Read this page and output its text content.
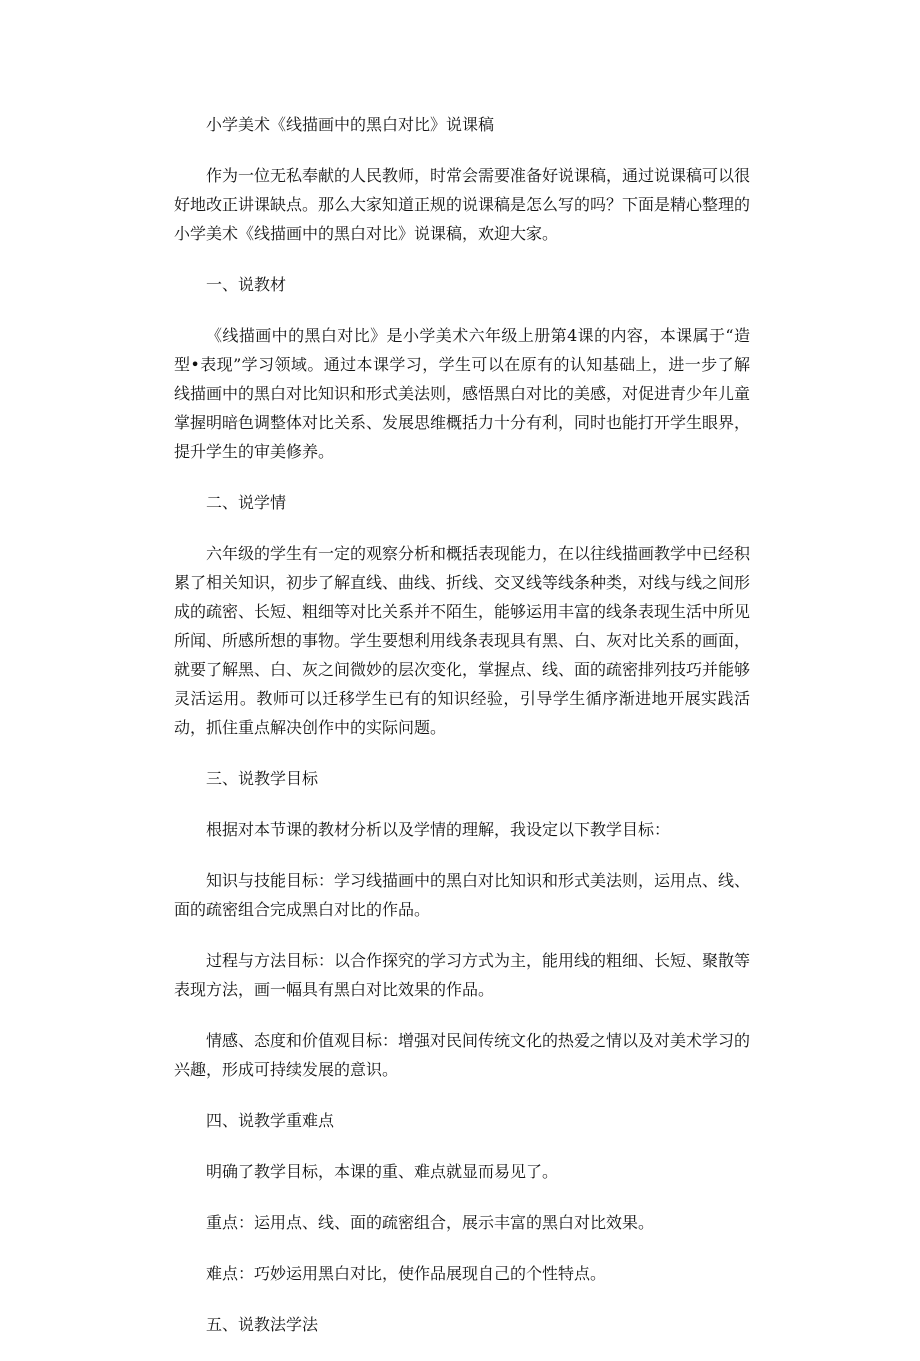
小学美术《线描画中的黑白对比》说课稿
作为一位无私奉献的人民教师，时常会需要准备好说课稿，通过说课稿可以很好地改正讲课缺点。那么大家知道正规的说课稿是怎么写的吗？下面是精心整理的小学美术《线描画中的黑白对比》说课稿，欢迎大家。
一、说教材
《线描画中的黑白对比》是小学美术六年级上册第4课的内容，本课属于“造型•表现”学习领域。通过本课学习，学生可以在原有的认知基础上，进一步了解线描画中的黑白对比知识和形式美法则，感悟黑白对比的美感，对促进青少年儿童掌握明暗色调整体对比关系、发展思维概括力十分有利，同时也能打开学生眼界，提升学生的审美修养。
二、说学情
六年级的学生有一定的观察分析和概括表现能力，在以往线描画教学中已经积累了相关知识，初步了解直线、曲线、折线、交叉线等线条种类，对线与线之间形成的疏密、长短、粗细等对比关系并不陌生，能够运用丰富的线条表现生活中所见所闻、所感所想的事物。学生要想利用线条表现具有黑、白、灰对比关系的画面，就要了解黑、白、灰之间微妙的层次变化，掌握点、线、面的疏密排列技巧并能够灵活运用。教师可以迁移学生已有的知识经验，引导学生循序渐进地开展实践活动，抓住重点解决创作中的实际问题。
三、说教学目标
根据对本节课的教材分析以及学情的理解，我设定以下教学目标：
知识与技能目标：学习线描画中的黑白对比知识和形式美法则，运用点、线、面的疏密组合完成黑白对比的作品。
过程与方法目标：以合作探究的学习方式为主，能用线的粗细、长短、聚散等表现方法，画一幅具有黑白对比效果的作品。
情感、态度和价值观目标：增强对民间传统文化的热爱之情以及对美术学习的兴趣，形成可持续发展的意识。
四、说教学重难点
明确了教学目标，本课的重、难点就显而易见了。
重点：运用点、线、面的疏密组合，展示丰富的黑白对比效果。
难点：巧妙运用黑白对比，使作品展现自己的个性特点。
五、说教法学法
